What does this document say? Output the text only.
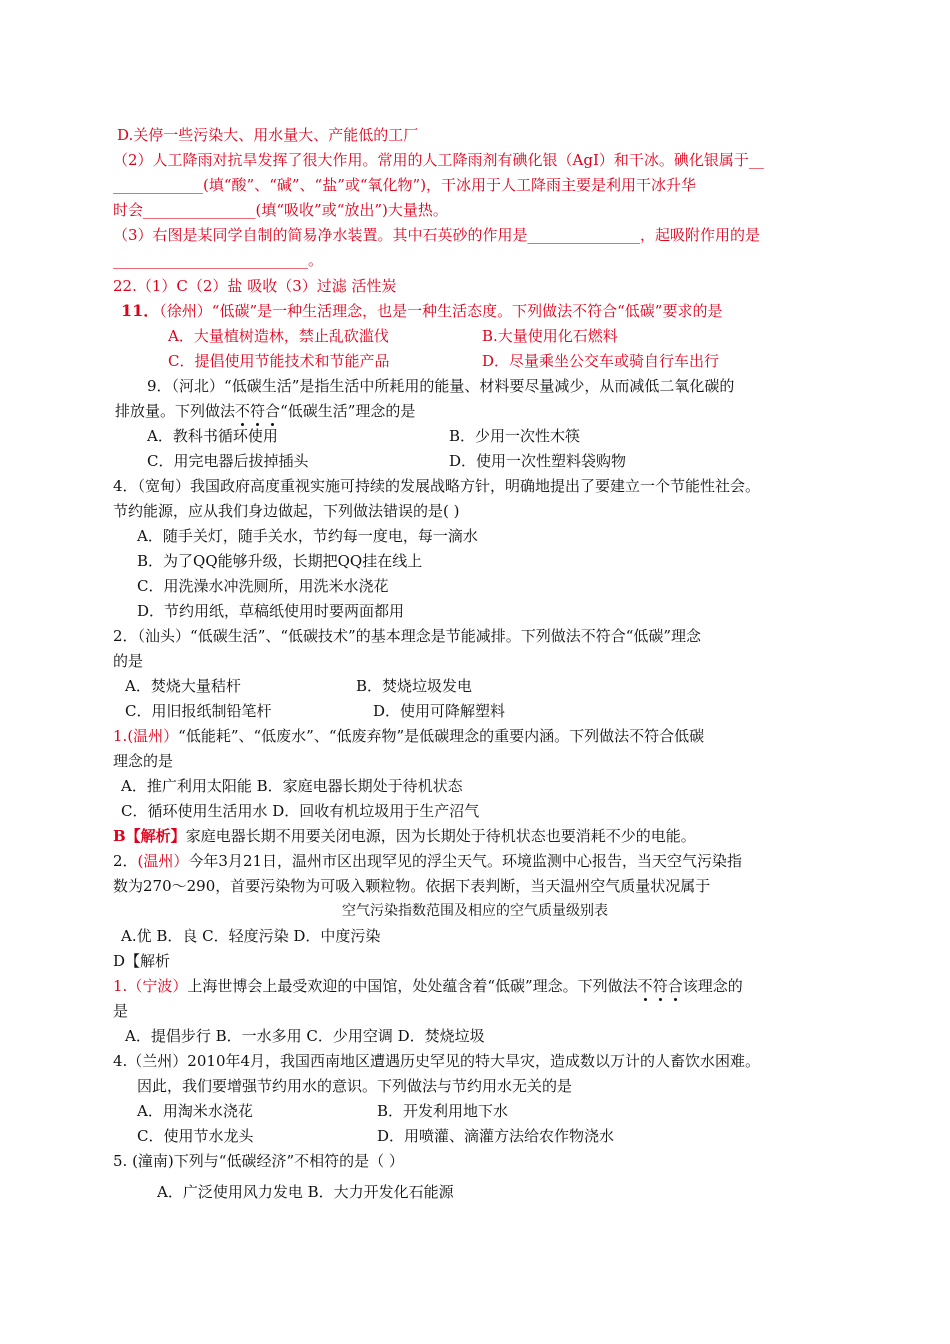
D.关停一些污染大、用水量大、产能低的工厂
（2）人工降雨对抗旱发挥了很大作用。常用的人工降雨剂有碘化银（AgI）和干冰。碘化银属于__
____________(填“酸”、“碱”、“盐”或“氧化物”)，干冰用于人工降雨主要是利用干冰升华
时会_______________(填“吸收”或“放出”)大量热。
（3）右图是某同学自制的简易净水装置。其中石英砂的作用是_______________，起吸附作用的是
__________________________。
22.（1）C（2）盐 吸收（3）过滤 活性炭
11．（徐州）“低碳”是一种生活理念，也是一种生活态度。下列做法不符合“低碳”要求的是
A．大量植树造林，禁止乱砍滥伐	B.大量使用化石燃料
C．提倡使用节能技术和节能产品	D．尽量乘坐公交车或骑自行车出行
9．（河北）“低碳生活”是指生活中所耗用的能量、材料要尽量减少，从而减低二氧化碳的
排放量。下列做法不符合“低碳生活”理念的是
A．教科书循环使用	B．少用一次性木筷
C．用完电器后拔掉插头	D．使用一次性塑料袋购物
4．（宽甸）我国政府高度重视实施可持续的发展战略方针，明确地提出了要建立一个节能性社会。
节约能源，应从我们身边做起，下列做法错误的是( )
A．随手关灯，随手关水，节约每一度电，每一滴水
B．为了QQ能够升级，长期把QQ挂在线上
C．用洗澡水冲洗厕所，用洗米水浇花
D．节约用纸，草稿纸使用时要两面都用
2．（汕头）“低碳生活”、“低碳技术”的基本理念是节能减排。下列做法不符合“低碳”理念
的是
A．焚烧大量秸杆	B．焚烧垃圾发电
C．用旧报纸制铅笔杆	D．使用可降解塑料
1.(温州）“低能耗”、“低废水”、“低废弃物”是低碳理念的重要内涵。下列做法不符合低碳
理念的是
A．推广利用太阳能 B．家庭电器长期处于待机状态
C．循环使用生活用水 D．回收有机垃圾用于生产沼气
B【解析】家庭电器长期不用要关闭电源，因为长期处于待机状态也要消耗不少的电能。
2．(温州）今年3月21日，温州市区出现罕见的浮尘天气。环境监测中心报告，当天空气污染指
数为270～290，首要污染物为可吸入颗粒物。依据下表判断，当天温州空气质量状况属于
空气污染指数范围及相应的空气质量级别表
A.优 B．良 C．轻度污染 D．中度污染
D【解析
1.（宁波）上海世博会上最受欢迎的中国馆，处处蕴含着“低碳”理念。下列做法不符合该理念的
是
A．提倡步行 B．一水多用 C．少用空调 D．焚烧垃圾
4.（兰州）2010年4月，我国西南地区遭遇历史罕见的特大旱灾，造成数以万计的人畜饮水困难。
因此，我们要增强节约用水的意识。下列做法与节约用水无关的是
A．用淘米水浇花	B．开发利用地下水
C．使用节水龙头	D．用喷灌、滴灌方法给农作物浇水
5. (潼南)下列与“低碳经济”不相符的是（ ）
A．广泛使用风力发电 B．大力开发化石能源
